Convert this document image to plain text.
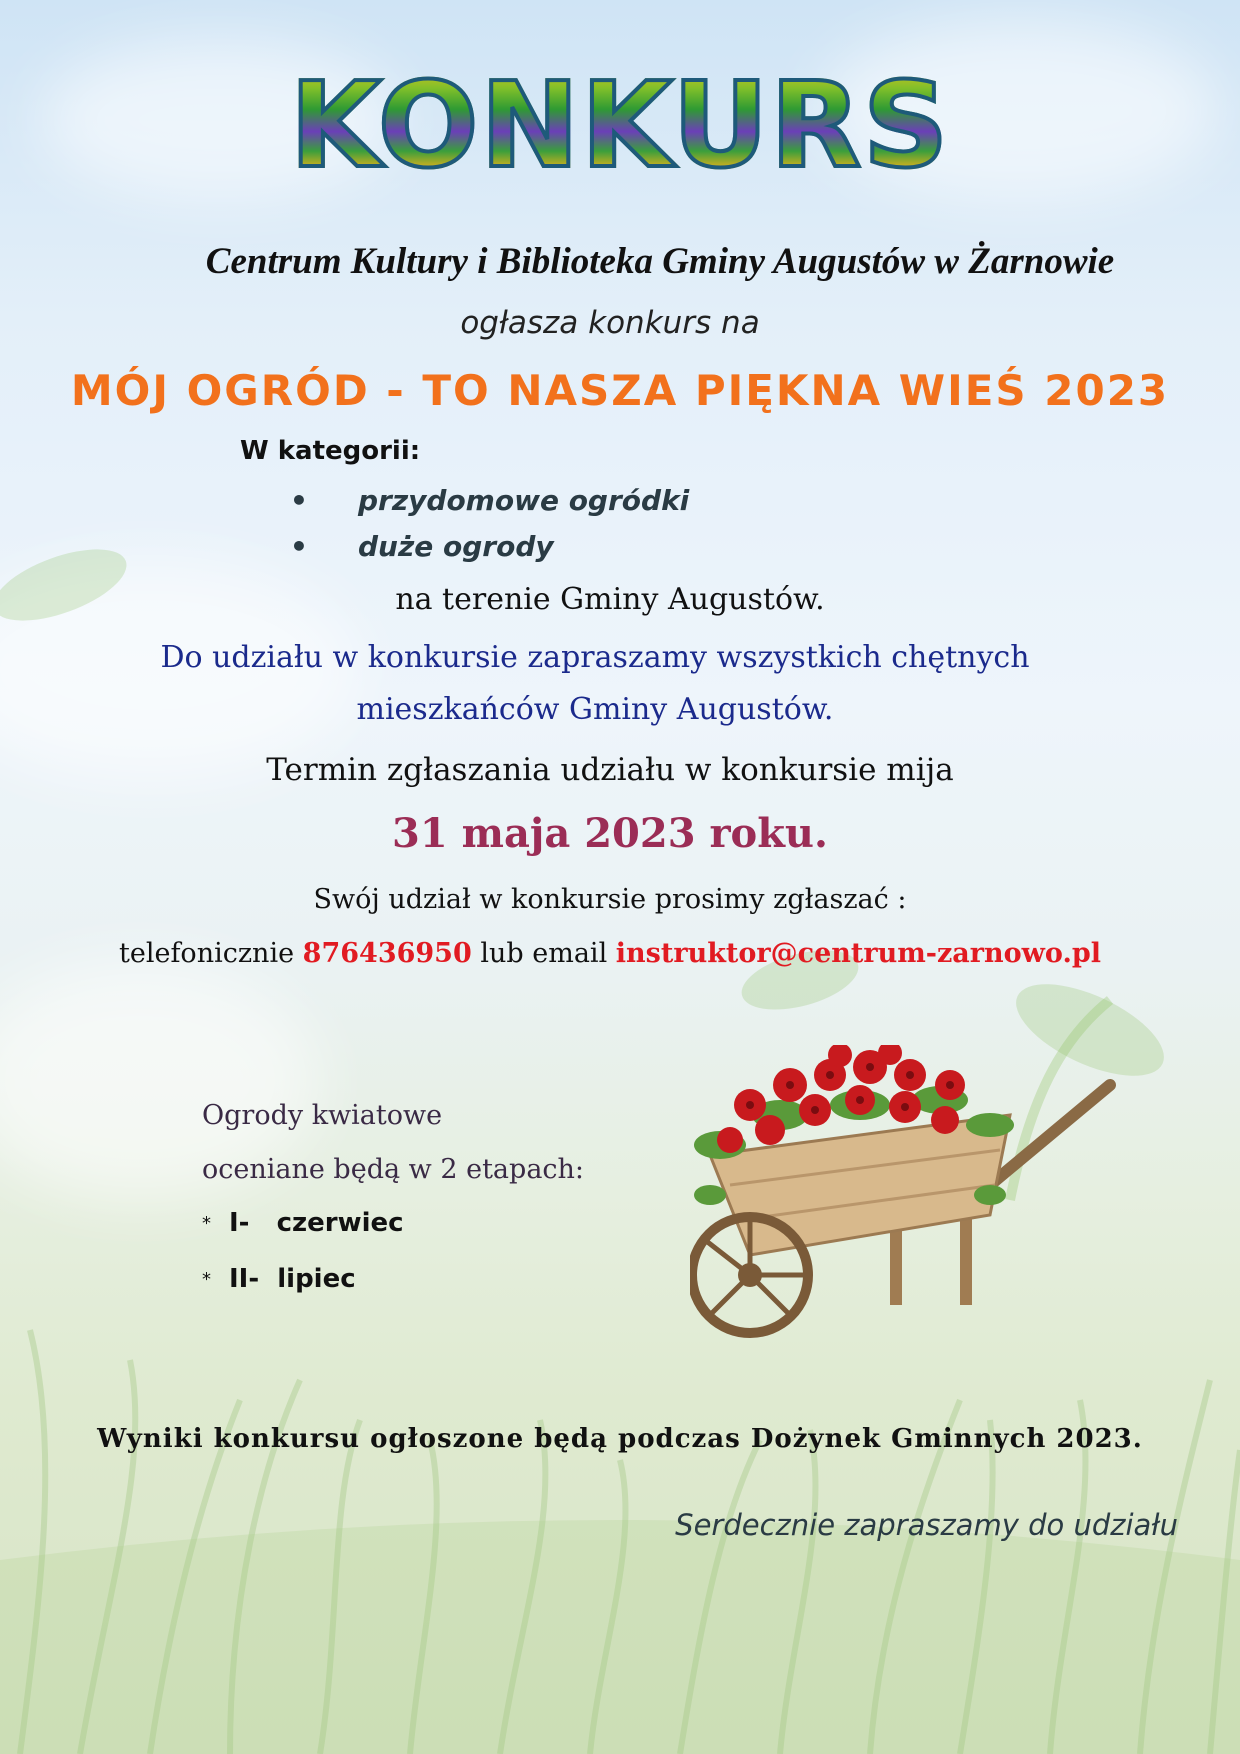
KONKURS
Centrum Kultury i Biblioteka Gminy Augustów w Żarnowie
ogłasza konkurs na
MÓJ OGRÓD - TO NASZA PIĘKNA WIEŚ 2023
W kategorii:
• przydomowe ogródki
• duże ogrody
na terenie Gminy Augustów.
Do udziału w konkursie zapraszamy wszystkich chętnych
mieszkańców Gminy Augustów.
Termin zgłaszania udziału w konkursie mija
31 maja 2023 roku.
Swój udział w konkursie prosimy zgłaszać :
telefonicznie 876436950 lub email instruktor@centrum-zarnowo.pl
Ogrody kwiatowe
oceniane będą w 2 etapach:
* I-   czerwiec
* II-  lipiec
Wyniki konkursu ogłoszone będą podczas Dożynek Gminnych 2023.
Serdecznie zapraszamy do udziału
